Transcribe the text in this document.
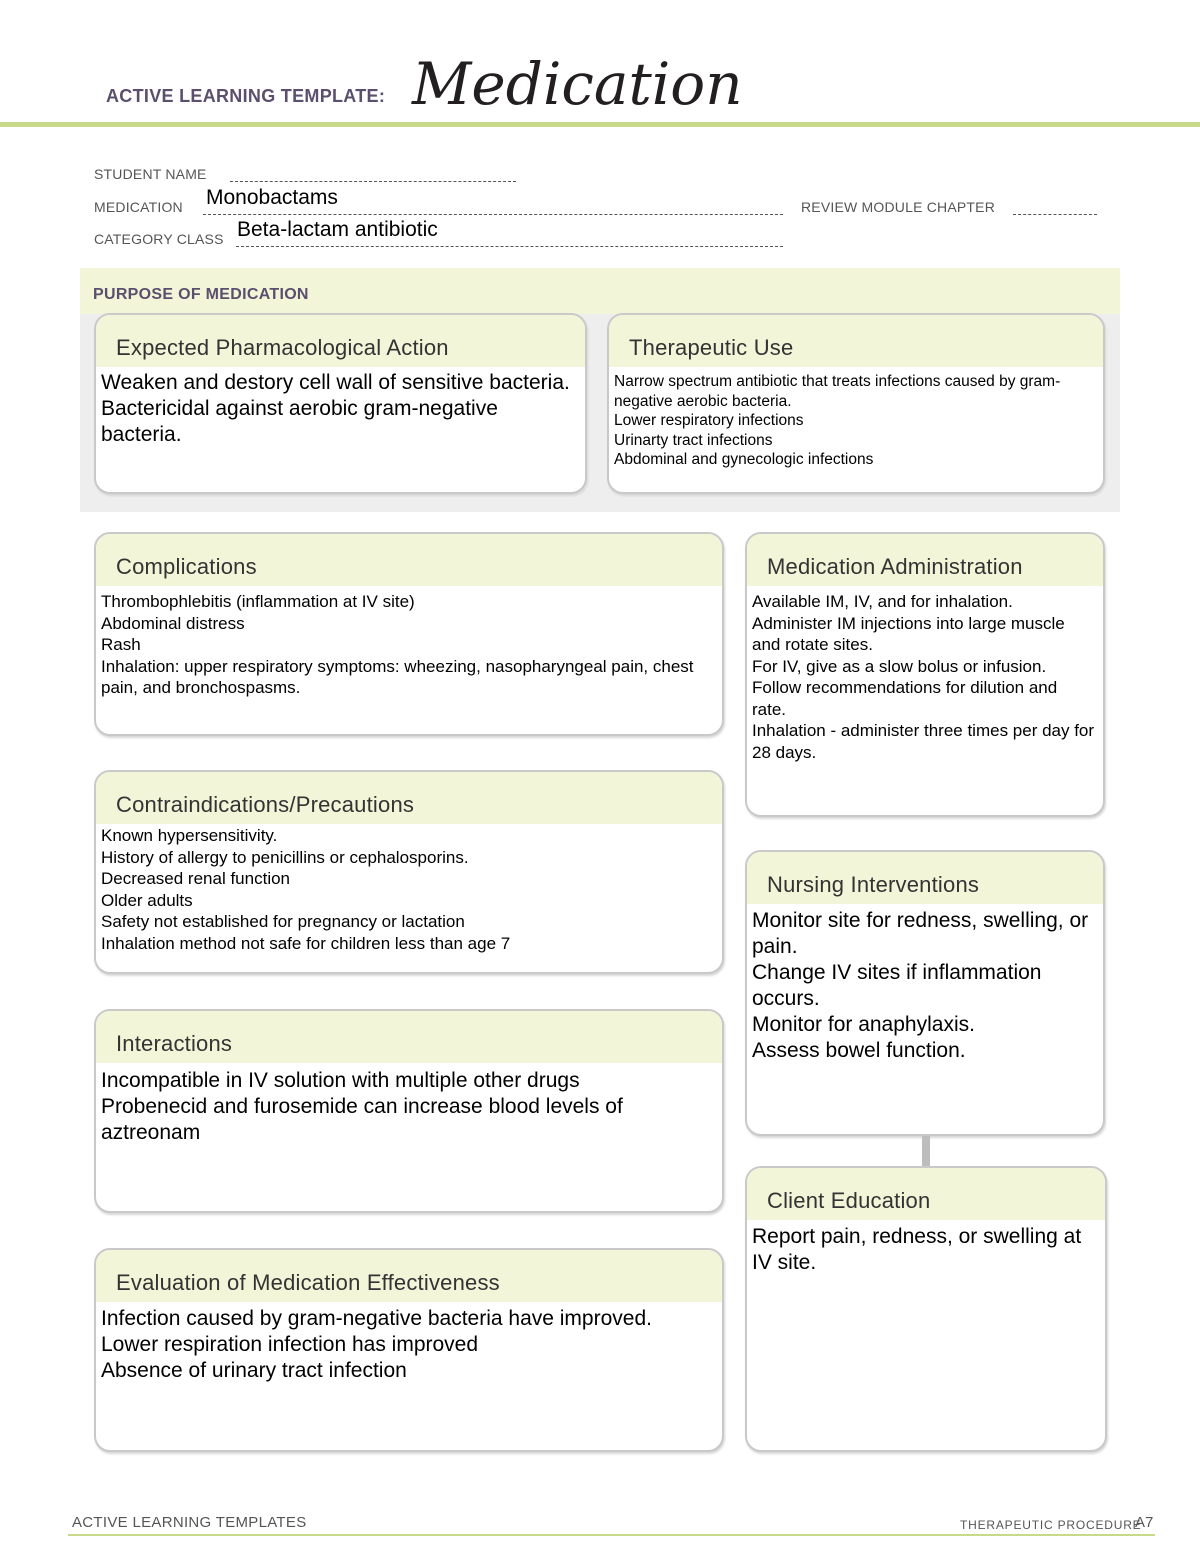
ACTIVE LEARNING TEMPLATE: Medication
STUDENT NAME
MEDICATION Monobactams	REVIEW MODULE CHAPTER
CATEGORY CLASS Beta-lactam antibiotic
PURPOSE OF MEDICATION
Expected Pharmacological Action
Weaken and destory cell wall of sensitive bacteria.
Bactericidal against aerobic gram-negative bacteria.
Therapeutic Use
Narrow spectrum antibiotic that treats infections caused by gram-negative aerobic bacteria.
Lower respiratory infections
Urinarty tract infections
Abdominal and gynecologic infections
Complications
Thrombophlebitis (inflammation at IV site)
Abdominal distress
Rash
Inhalation: upper respiratory symptoms: wheezing, nasopharyngeal pain, chest pain, and bronchospasms.
Medication Administration
Available IM, IV, and for inhalation.
Administer IM injections into large muscle and rotate sites.
For IV, give as a slow bolus or infusion. Follow recommendations for dilution and rate.
Inhalation - administer three times per day for 28 days.
Contraindications/Precautions
Known hypersensitivity.
History of allergy to penicillins or cephalosporins.
Decreased renal function
Older adults
Safety not established for pregnancy or lactation
Inhalation method not safe for children less than age 7
Nursing Interventions
Monitor site for redness, swelling, or pain.
Change IV sites if inflammation occurs.
Monitor for anaphylaxis.
Assess bowel function.
Interactions
Incompatible in IV solution with multiple other drugs
Probenecid and furosemide can increase blood levels of aztreonam
Client Education
Report pain, redness, or swelling at IV site.
Evaluation of Medication Effectiveness
Infection caused by gram-negative bacteria have improved.
Lower respiration infection has improved
Absence of urinary tract infection
ACTIVE LEARNING TEMPLATES	THERAPEUTIC PROCEDURE
A7
